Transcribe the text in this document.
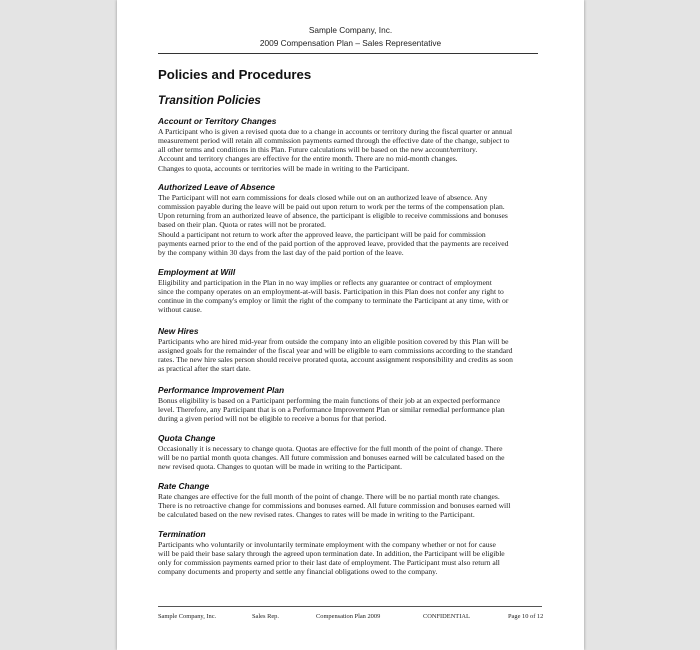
Sample Company, Inc.
2009 Compensation Plan – Sales Representative
Policies and Procedures
Transition Policies
Account or Territory Changes

A Participant who is given a revised quota due to a change in accounts or territory during the fiscal quarter or annual

measurement period will retain all commission payments earned through the effective date of the change, subject to

all other terms and conditions in this Plan. Future calculations will be based on the new account/territory.

Account and territory changes are effective for the entire month. There are no mid-month changes.

Changes to quota, accounts or territories will be made in writing to the Participant.

Authorized Leave of Absence

The Participant will not earn commissions for deals closed while out on an authorized leave of absence. Any

commission payable during the leave will be paid out upon return to work per the terms of the compensation plan.

Upon returning from an authorized leave of absence, the participant is eligible to receive commissions and bonuses

based on their plan. Quota or rates will not be prorated.

Should a participant not return to work after the approved leave, the participant will be paid for commission

payments earned prior to the end of the paid portion of the approved leave, provided that the payments are received

by the company within 30 days from the last day of the paid portion of the leave.

Employment at Will

Eligibility and participation in the Plan in no way implies or reflects any guarantee or contract of employment

since the company operates on an employment-at-will basis. Participation in this Plan does not confer any right to

continue in the company's employ or limit the right of the company to terminate the Participant at any time, with or

without cause.

New Hires

Participants who are hired mid-year from outside the company into an eligible position covered by this Plan will be

assigned goals for the remainder of the fiscal year and will be eligible to earn commissions according to the standard

rates. The new hire sales person should receive prorated quota, account assignment responsibility and credits as soon

as practical after the start date.

Performance Improvement Plan

Bonus eligibility is based on a Participant performing the main functions of their job at an expected performance

level. Therefore, any Participant that is on a Performance Improvement Plan or similar remedial performance plan

during a given period will not be eligible to receive a bonus for that period.

Quota Change

Occasionally it is necessary to change quota. Quotas are effective for the full month of the point of change. There

will be no partial month quota changes. All future commission and bonuses earned will be calculated based on the

new revised quota. Changes to quotan will be made in writing to the Participant.

Rate Change

Rate changes are effective for the full month of the point of change. There will be no partial month rate changes.

There is no retroactive change for commissions and bonuses earned. All future commission and bonuses earned will

be calculated based on the new revised rates. Changes to rates will be made in writing to the Participant.

Termination

Participants who voluntarily or involuntarily terminate employment with the company whether or not for cause

will be paid their base salary through the agreed upon termination date. In addition, the Participant will be eligible

only for commission payments earned prior to their last date of employment. The Participant must also return all

company documents and property and settle any financial obligations owed to the company.

Sample Company, Inc.	Sales Rep.	Compensation Plan 2009	CONFIDENTIAL	Page 10 of 12
